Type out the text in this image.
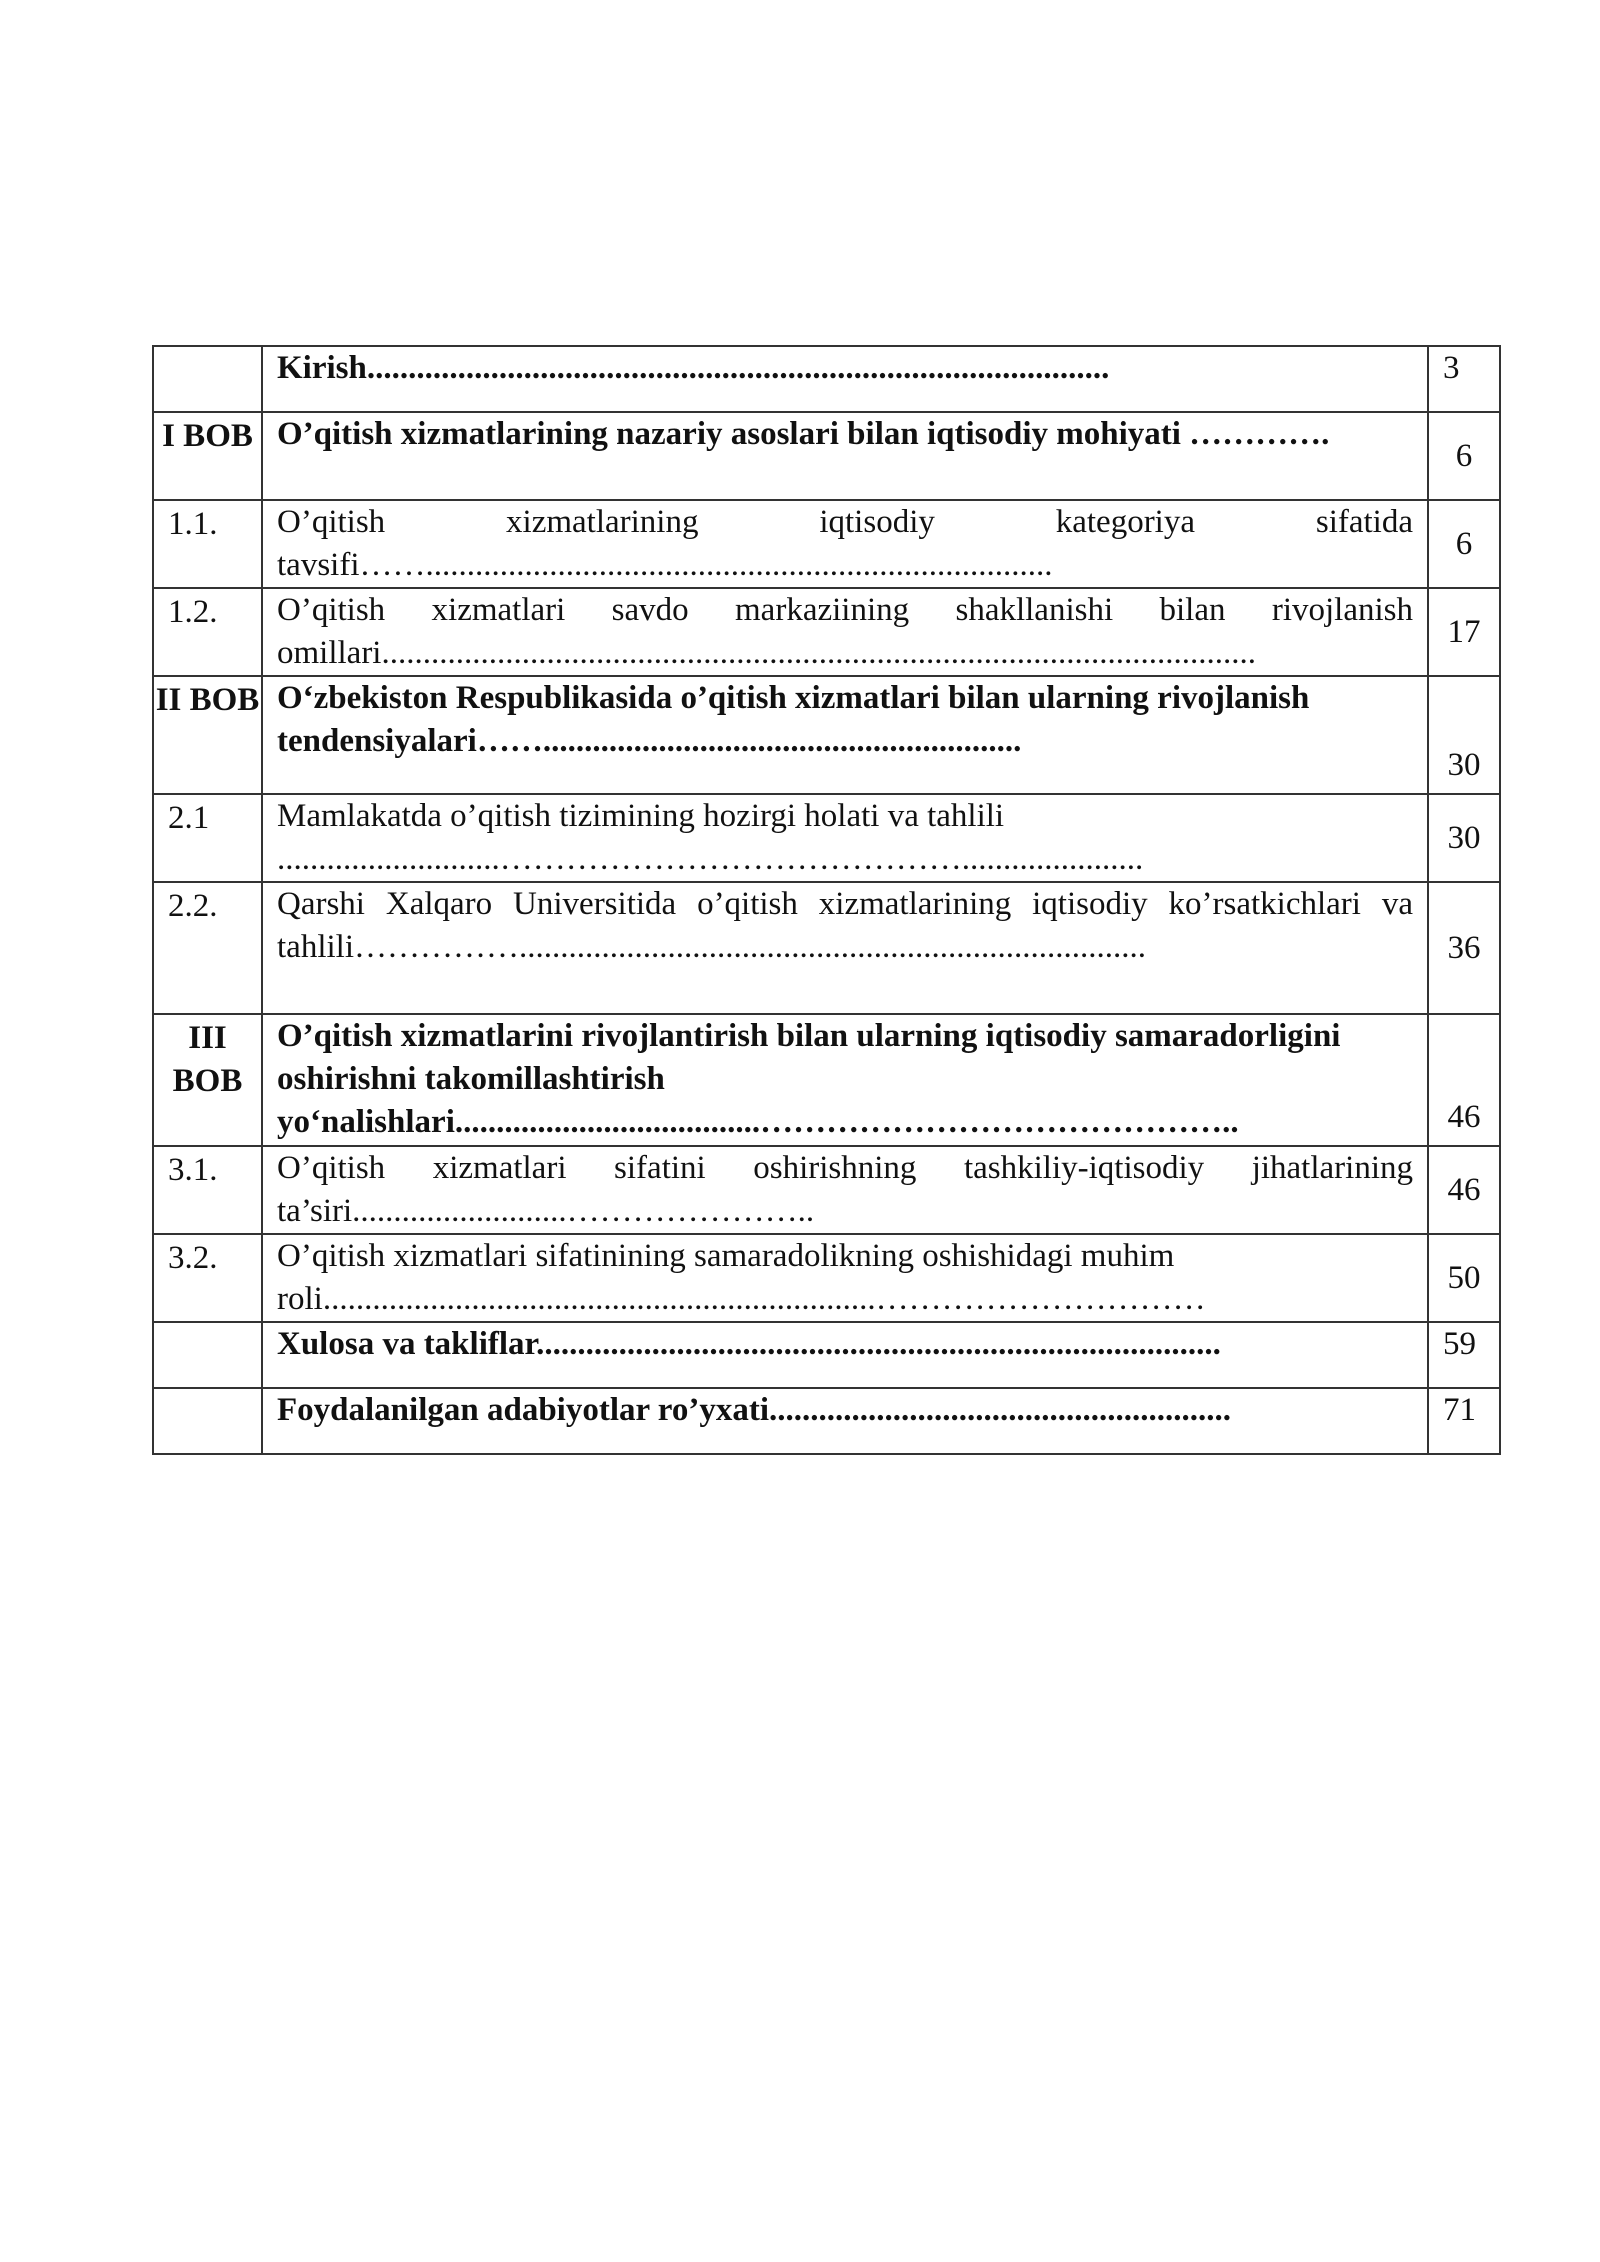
	Kirish..........................................................................................	3
I BOB	O’qitish xizmatlarining nazariy asoslari bilan iqtisodiy mohiyati ………….	6
1.1.	O’qitish xizmatlarining iqtisodiy kategoriya sifatida tavsifi……............................................................................	6
1.2.	O’qitish xizmatlari savdo markaziining shakllanishi bilan rivojlanish omillari..........................................................................................................	17
II BOB	O‘zbekiston Respublikasida o’qitish xizmatlari bilan ularning rivojlanish tendensiyalari……..........................................................	30
2.1	Mamlakatda o’qitish tizimining hozirgi holati va tahlili ...........................……………………………………......................	30
2.2.	Qarshi Xalqaro Universitida o’qitish xizmatlarining iqtisodiy ko’rsatkichlari va tahlili……………............................................................................	36
III BOB	O’qitish xizmatlarini rivojlantirish bilan ularning iqtisodiy samaradorligini oshirishni takomillashtirish yo‘nalishlari.....................................……………………………………..	46
3.1.	O’qitish xizmatlari sifatini oshirishning tashkiliy-iqtisodiy jihatlarining ta’siri..........................…………………..	46
3.2.	O’qitish xizmatlari sifatinining samaradolikning oshishidagi muhim roli...................................................................…………………………	50
	Xulosa va takliflar...................................................................................	59
	Foydalanilgan adabiyotlar ro’yxati........................................................	71
